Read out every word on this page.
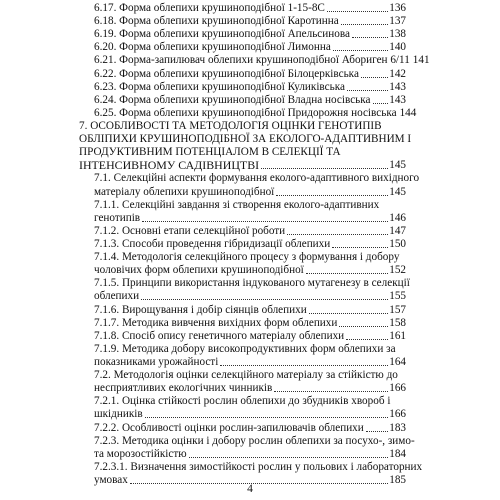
6.17. Форма облепихи крушиноподібної 1-15-8С	136
6.18. Форма облепихи крушиноподібної Каротинна	137
6.19. Форма облепихи крушиноподібної Апельсинова	138
6.20. Форма облепихи крушиноподібної Лимонна	140
6.21. Форма-запилювач облепихи крушиноподібної Абориген 6/11 141
6.22. Форма облепихи крушиноподібної Білоцерківська	142
6.23. Форма облепихи крушиноподібної Куликівська	143
6.24. Форма облепихи крушиноподібної Владна носівська 143
6.25. Форма облепихи крушиноподібної Придорожня носівська 144
7. ОСОБЛИВОСТІ ТА МЕТОДОЛОГІЯ ОЦІНКИ ГЕНОТИПІВ
ОБЛІПИХИ КРУШИНОПОДІБНОЇ ЗА ЕКОЛОГО-АДАПТИВНИМ І
ПРОДУКТИВНИМ ПОТЕНЦІАЛОМ В СЕЛЕКЦІЇ ТА
ІНТЕНСИВНОМУ САДІВНИЦТВІ	145
7.1. Селекційні аспекти формування еколого-адаптивного вихідного
матеріалу облепихи крушиноподібної	145
7.1.1. Селекційні завдання зі створення еколого-адаптивних
генотипів	146
7.1.2. Основні етапи селекційної роботи	147
7.1.3. Способи проведення гібридизації облепихи	150
7.1.4. Методологія селекційного процесу з формування і добору
чоловічих форм облепихи крушиноподібної	152
7.1.5. Принципи використання індукованого мутагенезу в селекції
облепихи	155
7.1.6. Вирощування і добір сіянців облепихи	157
7.1.7. Методика вивчення вихідних форм облепихи	158
7.1.8. Спосіб опису генетичного матеріалу облепихи	161
7.1.9. Методика добору високопродуктивних форм облепихи за
показниками урожайності	164
7.2. Методологія оцінки селекційного матеріалу за стійкістю до
несприятливих екологічних чинників	166
7.2.1. Оцінка стійкості рослин облепихи до збудників хвороб і
шкідників	166
7.2.2. Особливості оцінки рослин-запилювачів облепихи 183
7.2.3. Методика оцінки і добору рослин облепихи за посухо-, зимо-
та морозостійкістю	184
7.2.3.1. Визначення зимостійкості рослин у польових і лабораторних
умовах	185
4
